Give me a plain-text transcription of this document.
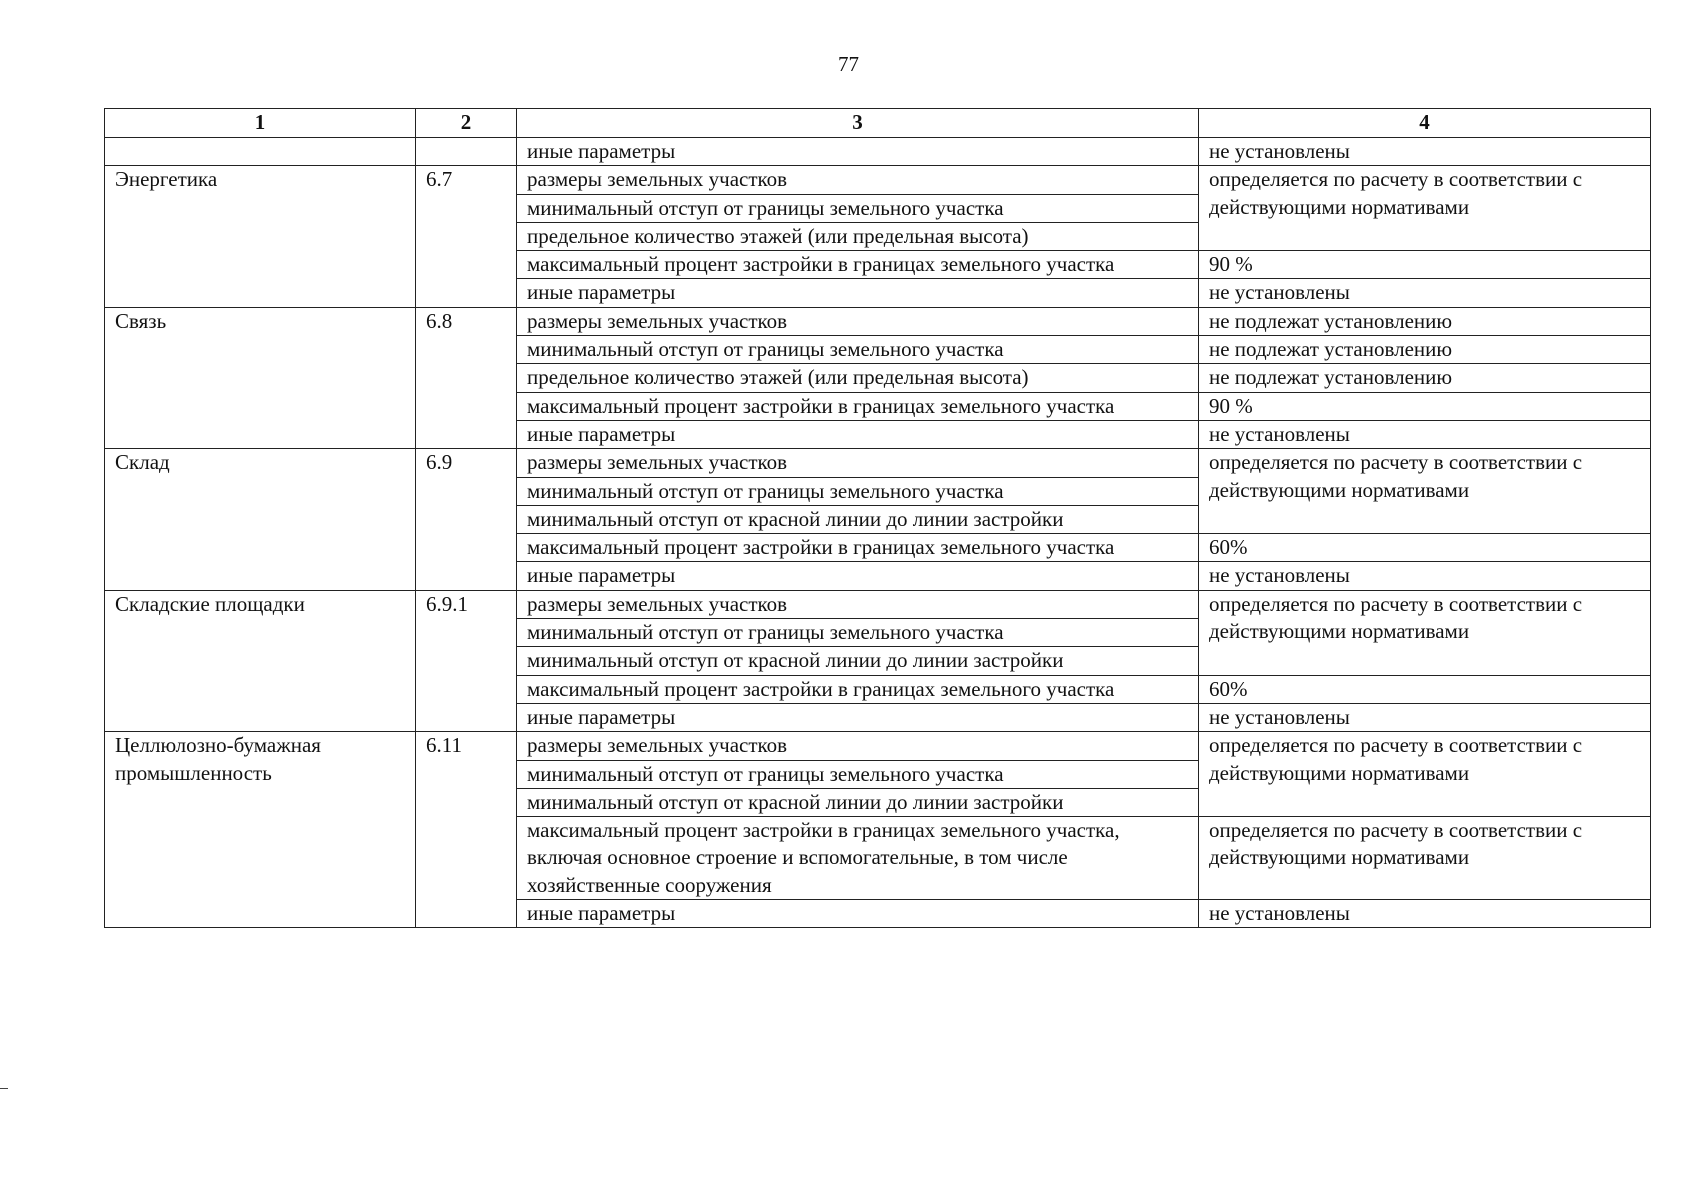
77
1	2	3	4
		иные параметры	не установлены
Энергетика	6.7	размеры земельных участков	определяется по расчету в соответствии с действующими нормативами
		минимальный отступ от границы земельного участка	
		предельное количество этажей (или предельная высота)	
		максимальный процент застройки в границах земельного участка	90 %
		иные параметры	не установлены
Связь	6.8	размеры земельных участков	не подлежат установлению
		минимальный отступ от границы земельного участка	не подлежат установлению
		предельное количество этажей (или предельная высота)	не подлежат установлению
		максимальный процент застройки в границах земельного участка	90 %
		иные параметры	не установлены
Склад	6.9	размеры земельных участков	определяется по расчету в соответствии с действующими нормативами
		минимальный отступ от границы земельного участка	
		минимальный отступ от красной линии до линии застройки	
		максимальный процент застройки в границах земельного участка	60%
		иные параметры	не установлены
Складские площадки	6.9.1	размеры земельных участков	определяется по расчету в соответствии с действующими нормативами
		минимальный отступ от границы земельного участка	
		минимальный отступ от красной линии до линии застройки	
		максимальный процент застройки в границах земельного участка	60%
		иные параметры	не установлены
Целлюлозно-бумажная промышленность	6.11	размеры земельных участков	определяется по расчету в соответствии с действующими нормативами
		минимальный отступ от границы земельного участка	
		минимальный отступ от красной линии до линии застройки	
		максимальный процент застройки в границах земельного участка, включая основное строение и вспомогательные, в том числе хозяйственные сооружения	определяется по расчету в соответствии с действующими нормативами
		иные параметры	не установлены
